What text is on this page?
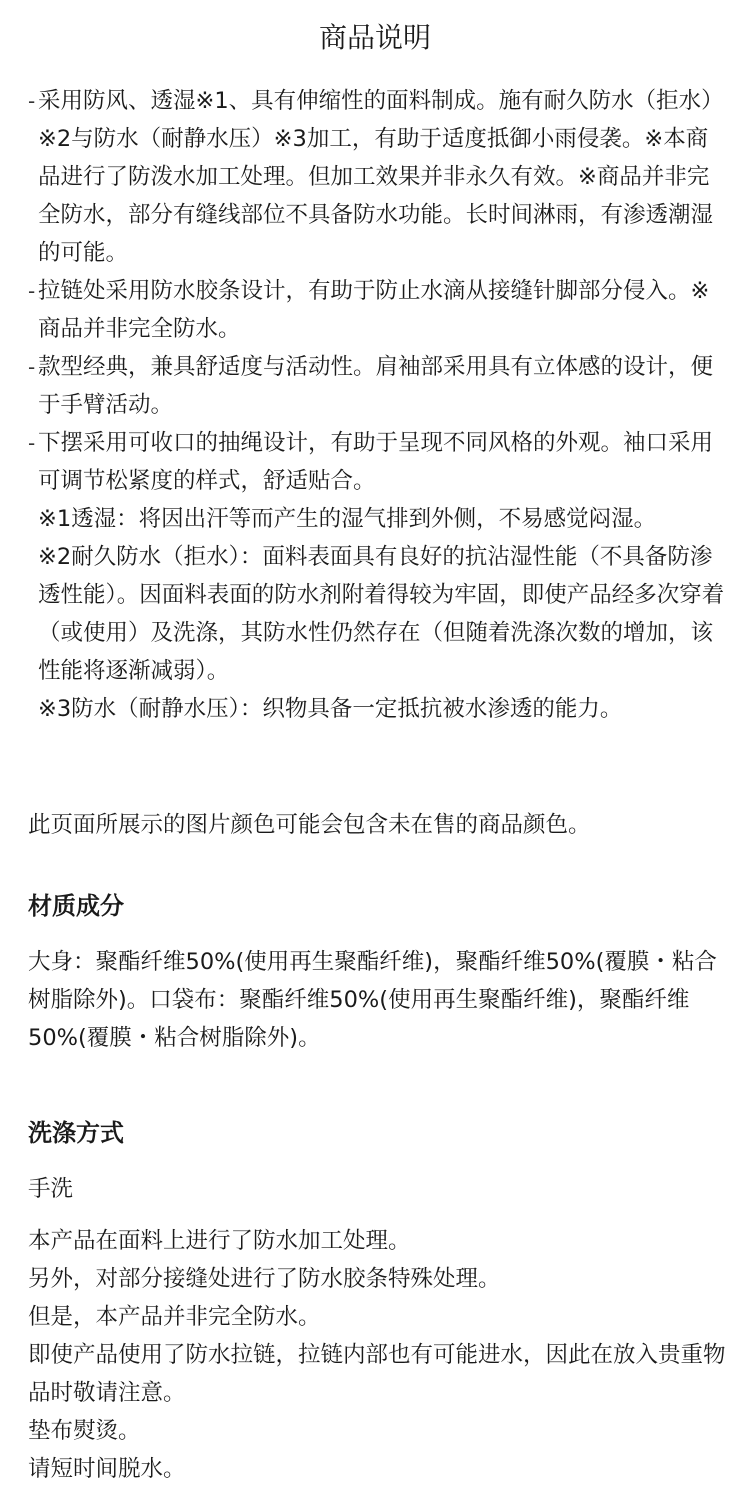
商品说明
- 采用防风、透湿※1、具有伸缩性的面料制成。施有耐久防水（拒水）※2与防水（耐静水压）※3加工，有助于适度抵御小雨侵袭。※本商品进行了防泼水加工处理。但加工效果并非永久有效。※商品并非完全防水，部分有缝线部位不具备防水功能。长时间淋雨，有渗透潮湿的可能。

- 拉链处采用防水胶条设计，有助于防止水滴从接缝针脚部分侵入。※商品并非完全防水。

- 款型经典，兼具舒适度与活动性。肩袖部采用具有立体感的设计，便于手臂活动。

- 下摆采用可收口的抽绳设计，有助于呈现不同风格的外观。袖口采用可调节松紧度的样式，舒适贴合。

※1透湿：将因出汗等而产生的湿气排到外侧，不易感觉闷湿。

※2耐久防水（拒水）：面料表面具有良好的抗沾湿性能（不具备防渗透性能）。因面料表面的防水剂附着得较为牢固，即使产品经多次穿着（或使用）及洗涤，其防水性仍然存在（但随着洗涤次数的增加，该性能将逐渐减弱）。

※3防水（耐静水压）：织物具备一定抵抗被水渗透的能力。

此页面所展示的图片颜色可能会包含未在售的商品颜色。
材质成分
大身：聚酯纤维50%(使用再生聚酯纤维)，聚酯纤维50%(覆膜・粘合树脂除外)。口袋布：聚酯纤维50%(使用再生聚酯纤维)，聚酯纤维50%(覆膜・粘合树脂除外)。
洗涤方式
手洗

本产品在面料上进行了防水加工处理。

另外，对部分接缝处进行了防水胶条特殊处理。

但是，本产品并非完全防水。

即使产品使用了防水拉链，拉链内部也有可能进水，因此在放入贵重物品时敬请注意。

垫布熨烫。

请短时间脱水。
